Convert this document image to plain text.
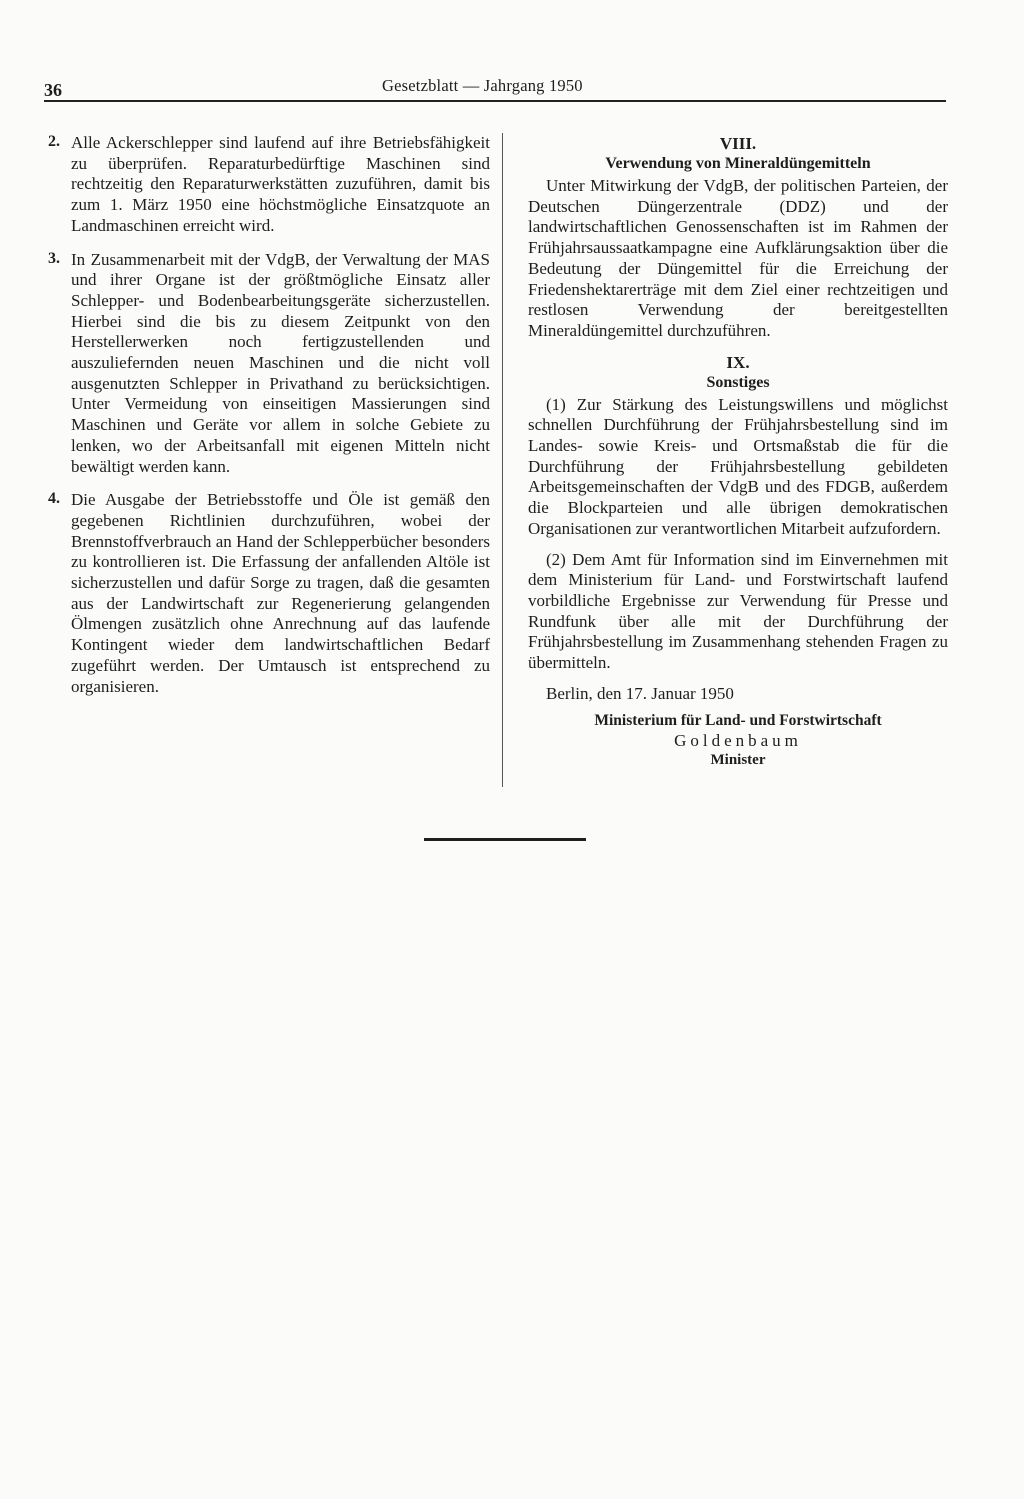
36	Gesetzblatt — Jahrgang 1950
2. Alle Ackerschlepper sind laufend auf ihre Betriebsfähigkeit zu überprüfen. Reparaturbedürftige Maschinen sind rechtzeitig den Reparaturwerkstätten zuzuführen, damit bis zum 1. März 1950 eine höchstmögliche Einsatzquote an Landmaschinen erreicht wird.

3. In Zusammenarbeit mit der VdgB, der Verwaltung der MAS und ihrer Organe ist der größtmögliche Einsatz aller Schlepper- und Bodenbearbeitungsgeräte sicherzustellen. Hierbei sind die bis zu diesem Zeitpunkt von den Herstellerwerken noch fertigzustellenden und auszuliefernden neuen Maschinen und die nicht voll ausgenutzten Schlepper in Privathand zu berücksichtigen. Unter Vermeidung von einseitigen Massierungen sind Maschinen und Geräte vor allem in solche Gebiete zu lenken, wo der Arbeitsanfall mit eigenen Mitteln nicht bewältigt werden kann.

4. Die Ausgabe der Betriebsstoffe und Öle ist gemäß den gegebenen Richtlinien durchzuführen, wobei der Brennstoffverbrauch an Hand der Schlepperbücher besonders zu kontrollieren ist. Die Erfassung der anfallenden Altöle ist sicherzustellen und dafür Sorge zu tragen, daß die gesamten aus der Landwirtschaft zur Regenerierung gelangenden Ölmengen zusätzlich ohne Anrechnung auf das laufende Kontingent wieder dem landwirtschaftlichen Bedarf zugeführt werden. Der Umtausch ist entsprechend zu organisieren.

VIII.

Verwendung von Mineraldüngemitteln

Unter Mitwirkung der VdgB, der politischen Parteien, der Deutschen Düngerzentrale (DDZ) und der landwirtschaftlichen Genossenschaften ist im Rahmen der Frühjahrsaussaatkampagne eine Aufklärungsaktion über die Bedeutung der Düngemittel für die Erreichung der Friedenshektarerträge mit dem Ziel einer rechtzeitigen und restlosen Verwendung der bereitgestellten Mineraldüngemittel durchzuführen.

IX.

Sonstiges

(1) Zur Stärkung des Leistungswillens und möglichst schnellen Durchführung der Frühjahrsbestellung sind im Landes- sowie Kreis- und Ortsmaßstab die für die Durchführung der Frühjahrsbestellung gebildeten Arbeitsgemeinschaften der VdgB und des FDGB, außerdem die Blockparteien und alle übrigen demokratischen Organisationen zur verantwortlichen Mitarbeit aufzufordern.

(2) Dem Amt für Information sind im Einvernehmen mit dem Ministerium für Land- und Forstwirtschaft laufend vorbildliche Ergebnisse zur Verwendung für Presse und Rundfunk über alle mit der Durchführung der Frühjahrsbestellung im Zusammenhang stehenden Fragen zu übermitteln.

Berlin, den 17. Januar 1950

Ministerium für Land- und Forstwirtschaft

Goldenbaum

Minister
